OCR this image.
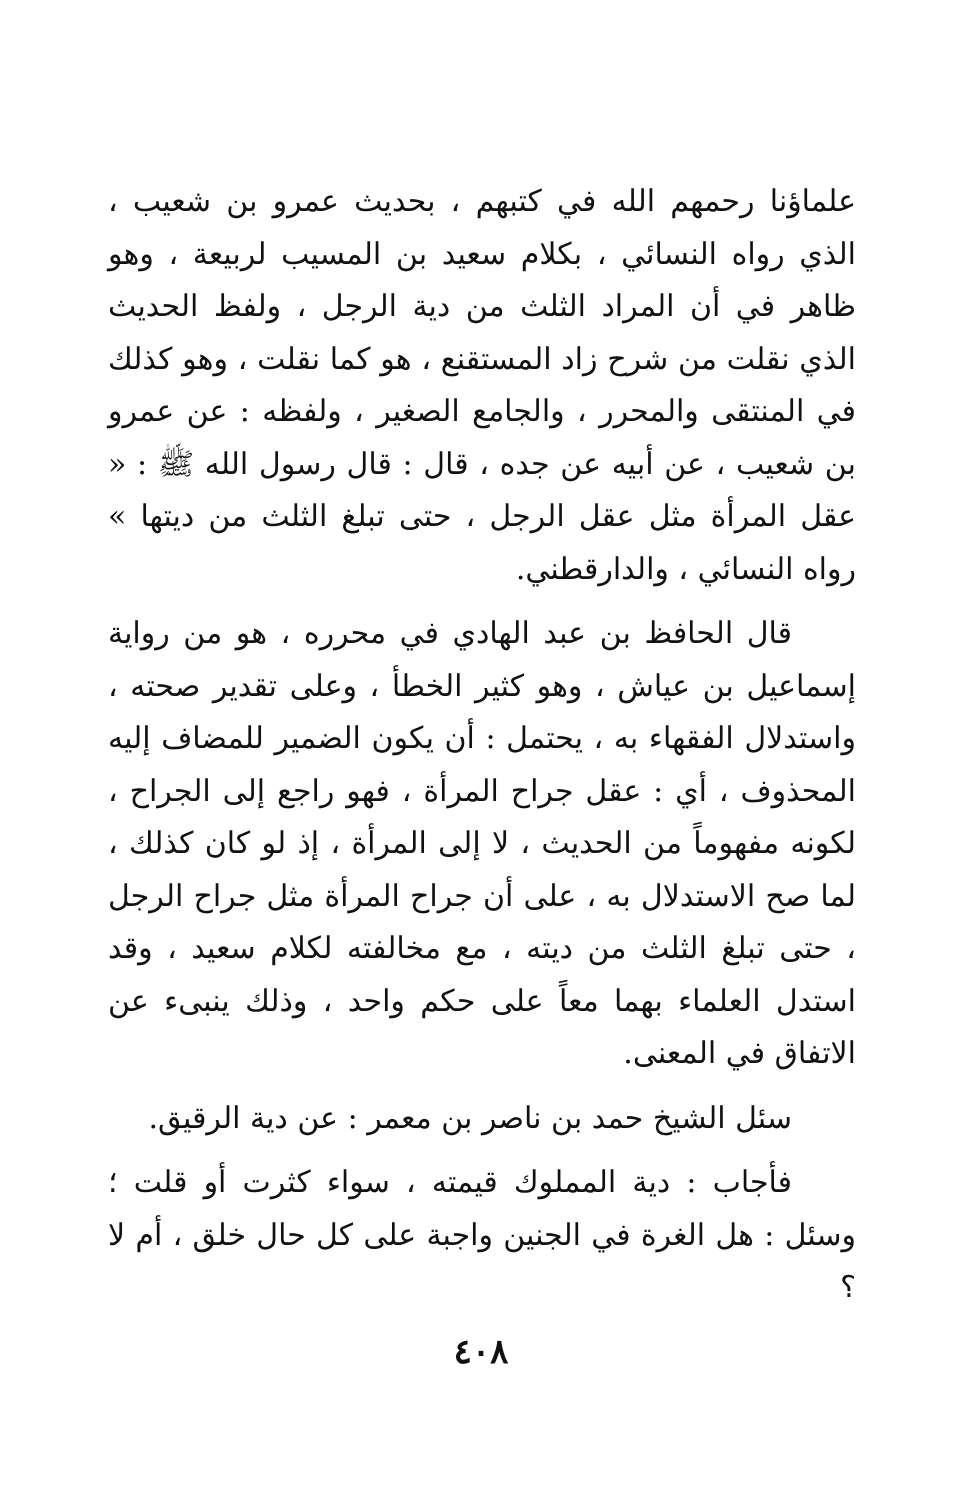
علماؤنا رحمهم الله في كتبهم ، بحديث عمرو بن شعيب ، الذي رواه النسائي ، بكلام سعيد بن المسيب لربيعة ، وهو ظاهر في أن المراد الثلث من دية الرجل ، ولفظ الحديث الذي نقلت من شرح زاد المستقنع ، هو كما نقلت ، وهو كذلك في المنتقى والمحرر ، والجامع الصغير ، ولفظه : عن عمرو بن شعيب ، عن أبيه عن جده ، قال : قال رسول الله ﷺ : « عقل المرأة مثل عقل الرجل ، حتى تبلغ الثلث من ديتها » رواه النسائي ، والدارقطني.

قال الحافظ بن عبد الهادي في محرره ، هو من رواية إسماعيل بن عياش ، وهو كثير الخطأ ، وعلى تقدير صحته ، واستدلال الفقهاء به ، يحتمل : أن يكون الضمير للمضاف إليه المحذوف ، أي : عقل جراح المرأة ، فهو راجع إلى الجراح ، لكونه مفهوماً من الحديث ، لا إلى المرأة ، إذ لو كان كذلك ، لما صح الاستدلال به ، على أن جراح المرأة مثل جراح الرجل ، حتى تبلغ الثلث من ديته ، مع مخالفته لكلام سعيد ، وقد استدل العلماء بهما معاً على حكم واحد ، وذلك ينبىء عن الاتفاق في المعنى.

سئل الشيخ حمد بن ناصر بن معمر : عن دية الرقيق.

فأجاب : دية المملوك قيمته ، سواء كثرت أو قلت ؛ وسئل : هل الغرة في الجنين واجبة على كل حال خلق ، أم لا ؟

٤٠٨
